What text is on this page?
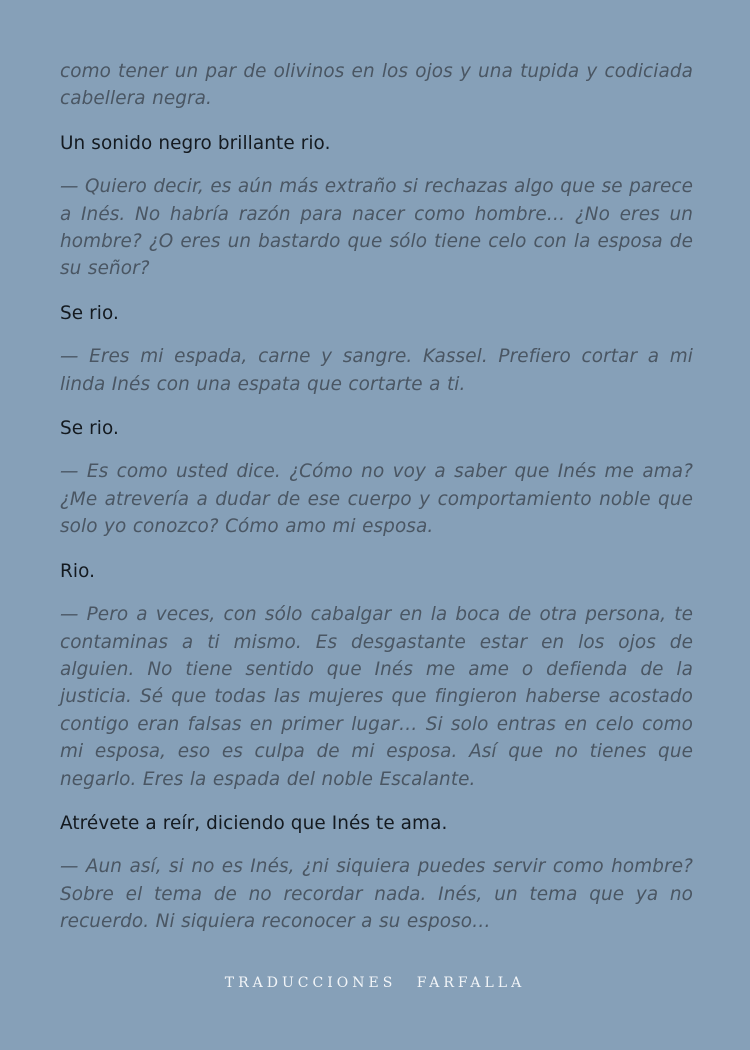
como tener un par de olivinos en los ojos y una tupida y codiciada cabellera negra.

Un sonido negro brillante rio.

— Quiero decir, es aún más extraño si rechazas algo que se parece a Inés. No habría razón para nacer como hombre… ¿No eres un hombre? ¿O eres un bastardo que sólo tiene celo con la esposa de su señor?

Se rio.

— Eres mi espada, carne y sangre. Kassel. Prefiero cortar a mi linda Inés con una espata que cortarte a ti.

Se rio.

— Es como usted dice. ¿Cómo no voy a saber que Inés me ama? ¿Me atrevería a dudar de ese cuerpo y comportamiento noble que solo yo conozco? Cómo amo mi esposa.

Rio.

— Pero a veces, con sólo cabalgar en la boca de otra persona, te contaminas a ti mismo. Es desgastante estar en los ojos de alguien. No tiene sentido que Inés me ame o defienda de la justicia. Sé que todas las mujeres que fingieron haberse acostado contigo eran falsas en primer lugar… Si solo entras en celo como mi esposa, eso es culpa de mi esposa. Así que no tienes que negarlo. Eres la espada del noble Escalante.

Atrévete a reír, diciendo que Inés te ama.

— Aun así, si no es Inés, ¿ni siquiera puedes servir como hombre? Sobre el tema de no recordar nada. Inés, un tema que ya no recuerdo. Ni siquiera reconocer a su esposo…

TRADUCCIONES FARFALLA
